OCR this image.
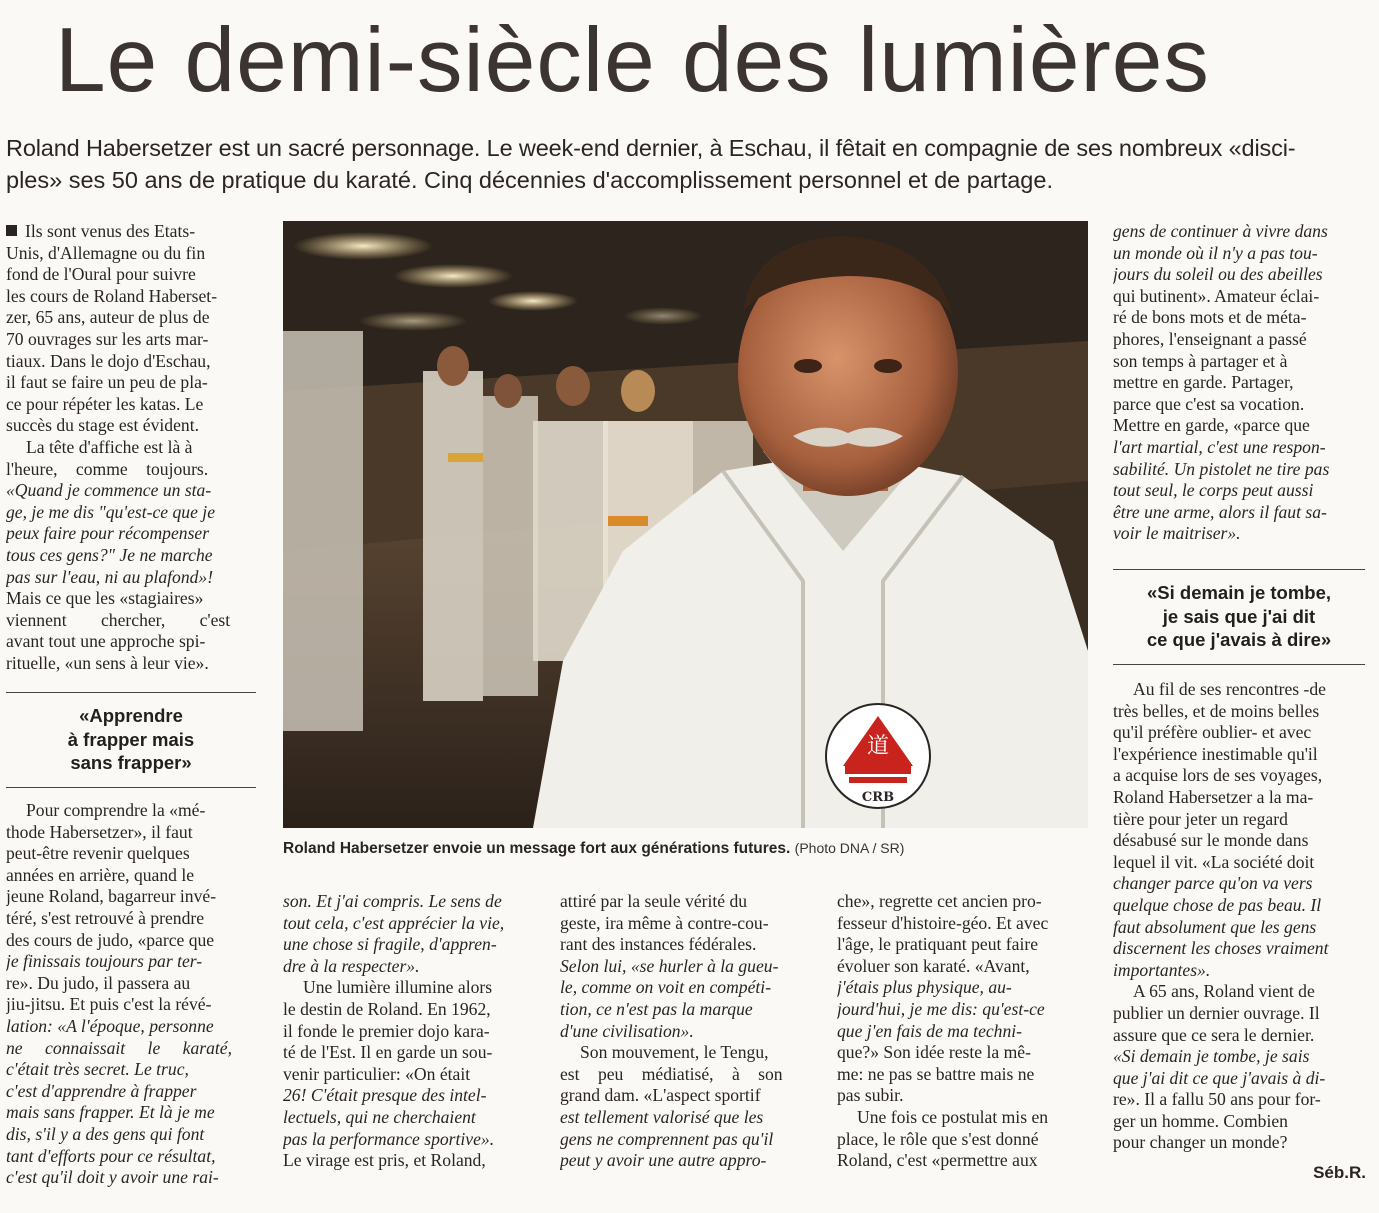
Le demi-siècle des lumières
Roland Habersetzer est un sacré personnage. Le week-end dernier, à Eschau, il fêtait en compagnie de ses nombreux «disci-
ples» ses 50 ans de pratique du karaté. Cinq décennies d'accomplissement personnel et de partage.

Ils sont venus des Etats-
Unis, d'Allemagne ou du fin
fond de l'Oural pour suivre
les cours de Roland Haberset-
zer, 65 ans, auteur de plus de
70 ouvrages sur les arts mar-
tiaux. Dans le dojo d'Eschau,
il faut se faire un peu de pla-
ce pour répéter les katas. Le
succès du stage est évident.
La tête d'affiche est là à
l'heure, comme toujours.
«Quand je commence un sta-
ge, je me dis "qu'est-ce que je
peux faire pour récompenser
tous ces gens?" Je ne marche
pas sur l'eau, ni au plafond»!
Mais ce que les «stagiaires»
viennent chercher, c'est
avant tout une approche spi-
rituelle, «un sens à leur vie».

«Apprendre
à frapper mais
sans frapper»

Pour comprendre la «mé-
thode Habersetzer», il faut
peut-être revenir quelques
années en arrière, quand le
jeune Roland, bagarreur invé-
téré, s'est retrouvé à prendre
des cours de judo, «parce que
je finissais toujours par ter-
re». Du judo, il passera au
jiu-jitsu. Et puis c'est la révé-
lation: «A l'époque, personne
ne connaissait le karaté,
c'était très secret. Le truc,
c'est d'apprendre à frapper
mais sans frapper. Et là je me
dis, s'il y a des gens qui font
tant d'efforts pour ce résultat,
c'est qu'il doit y avoir une rai-

道
CRB
Roland Habersetzer envoie un message fort aux générations futures. (Photo DNA / SR)

son. Et j'ai compris. Le sens de
tout cela, c'est apprécier la vie,
une chose si fragile, d'appren-
dre à la respecter».
Une lumière illumine alors
le destin de Roland. En 1962,
il fonde le premier dojo kara-
té de l'Est. Il en garde un sou-
venir particulier: «On était
26! C'était presque des intel-
lectuels, qui ne cherchaient
pas la performance sportive».
Le virage est pris, et Roland,

attiré par la seule vérité du
geste, ira même à contre-cou-
rant des instances fédérales.
Selon lui, «se hurler à la gueu-
le, comme on voit en compéti-
tion, ce n'est pas la marque
d'une civilisation».
Son mouvement, le Tengu,
est peu médiatisé, à son
grand dam. «L'aspect sportif
est tellement valorisé que les
gens ne comprennent pas qu'il
peut y avoir une autre appro-

che», regrette cet ancien pro-
fesseur d'histoire-géo. Et avec
l'âge, le pratiquant peut faire
évoluer son karaté. «Avant,
j'étais plus physique, au-
jourd'hui, je me dis: qu'est-ce
que j'en fais de ma techni-
que?» Son idée reste la mê-
me: ne pas se battre mais ne
pas subir.
Une fois ce postulat mis en
place, le rôle que s'est donné
Roland, c'est «permettre aux

gens de continuer à vivre dans
un monde où il n'y a pas tou-
jours du soleil ou des abeilles
qui butinent». Amateur éclai-
ré de bons mots et de méta-
phores, l'enseignant a passé
son temps à partager et à
mettre en garde. Partager,
parce que c'est sa vocation.
Mettre en garde, «parce que
l'art martial, c'est une respon-
sabilité. Un pistolet ne tire pas
tout seul, le corps peut aussi
être une arme, alors il faut sa-
voir le maitriser».

«Si demain je tombe,
je sais que j'ai dit
ce que j'avais à dire»

Au fil de ses rencontres -de
très belles, et de moins belles
qu'il préfère oublier- et avec
l'expérience inestimable qu'il
a acquise lors de ses voyages,
Roland Habersetzer a la ma-
tière pour jeter un regard
désabusé sur le monde dans
lequel il vit. «La société doit
changer parce qu'on va vers
quelque chose de pas beau. Il
faut absolument que les gens
discernent les choses vraiment
importantes».
A 65 ans, Roland vient de
publier un dernier ouvrage. Il
assure que ce sera le dernier.
«Si demain je tombe, je sais
que j'ai dit ce que j'avais à di-
re». Il a fallu 50 ans pour for-
ger un homme. Combien
pour changer un monde?

Séb.R.
